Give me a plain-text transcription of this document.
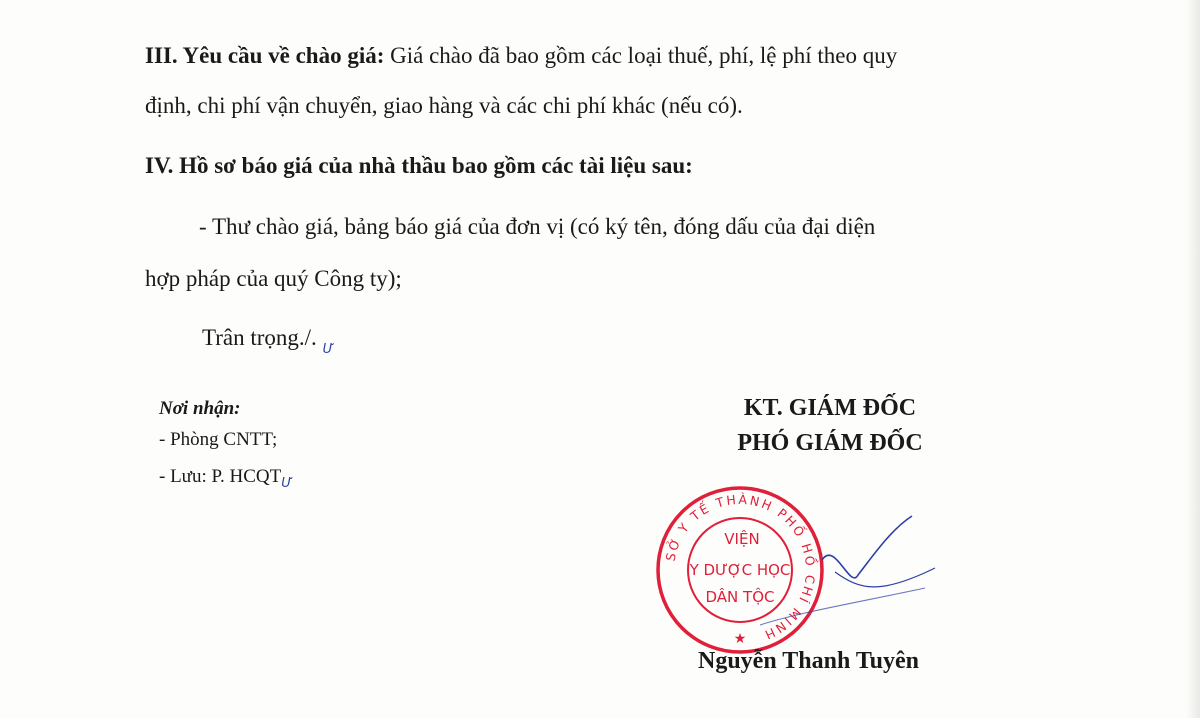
III. Yêu cầu về chào giá: Giá chào đã bao gồm các loại thuế, phí, lệ phí theo quy
định, chi phí vận chuyển, giao hàng và các chi phí khác (nếu có).
IV. Hồ sơ báo giá của nhà thầu bao gồm các tài liệu sau:
- Thư chào giá, bảng báo giá của đơn vị (có ký tên, đóng dấu của đại diện
hợp pháp của quý Công ty);
Trân trọng./. $_Ư$
Nơi nhận:
- Phòng CNTT;
- Lưu: P. $HCQT_Ư$
KT. GIÁM ĐỐC
PHÓ GIÁM ĐỐC
SỞ Y TẾ THÀNH PHỐ HỒ CHÍ MINH
VIỆN
Y DƯỢC HỌC
DÂN TỘC
★
Nguyễn Thanh Tuyên
